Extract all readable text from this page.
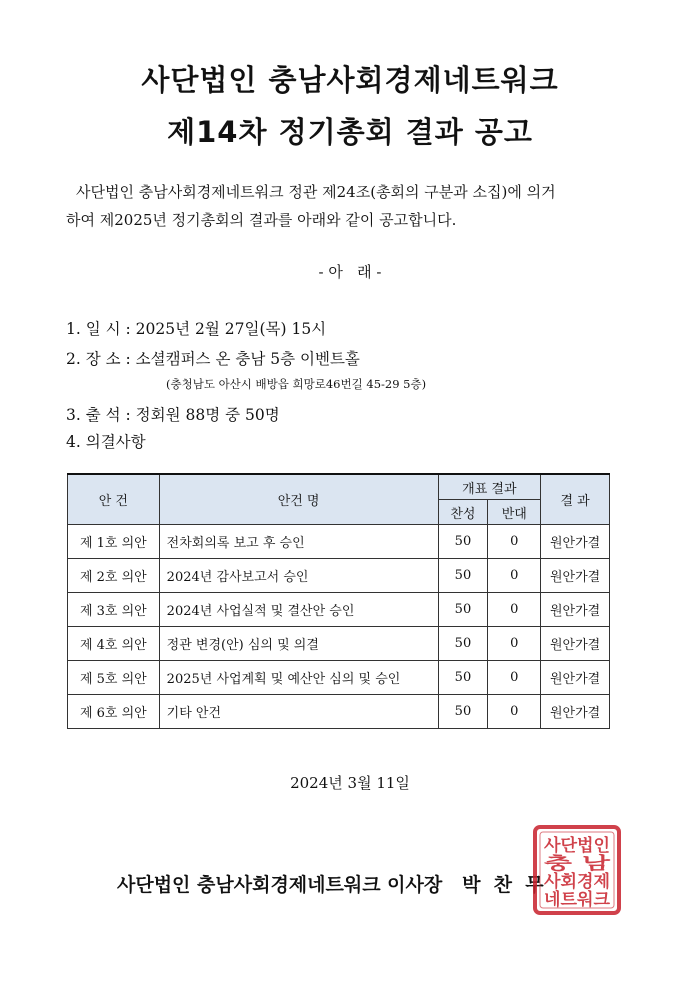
사단법인 충남사회경제네트워크
제14차 정기총회 결과 공고

사단법인 충남사회경제네트워크 정관 제24조(총회의 구분과 소집)에 의거

하여 제2025년 정기총회의 결과를 아래와 같이 공고합니다.

- 아   래 -
1. 일 시 : 2025년 2월 27일(목) 15시
2. 장 소 : 소셜캠퍼스 온 충남 5층 이벤트홀
(충청남도 아산시 배방읍 희망로46번길 45-29 5층)
3. 출 석 : 정회원 88명 중 50명
4. 의결사항
안 건	안건 명	개표 결과		결 과
		찬성	반대	
제 1호 의안	전차회의록 보고 후 승인	50	0	원안가결
제 2호 의안	2024년 감사보고서 승인	50	0	원안가결
제 3호 의안	2024년 사업실적 및 결산안 승인	50	0	원안가결
제 4호 의안	정관 변경(안) 심의 및 의결	50	0	원안가결
제 5호 의안	2025년 사업계획 및 예산안 심의 및 승인	50	0	원안가결
제 6호 의안	기타 안건	50	0	원안가결
2024년 3월 11일
사단법인 충남사회경제네트워크 이사장   박  찬  무
사단법인
충 남
사회경제
네트워크
